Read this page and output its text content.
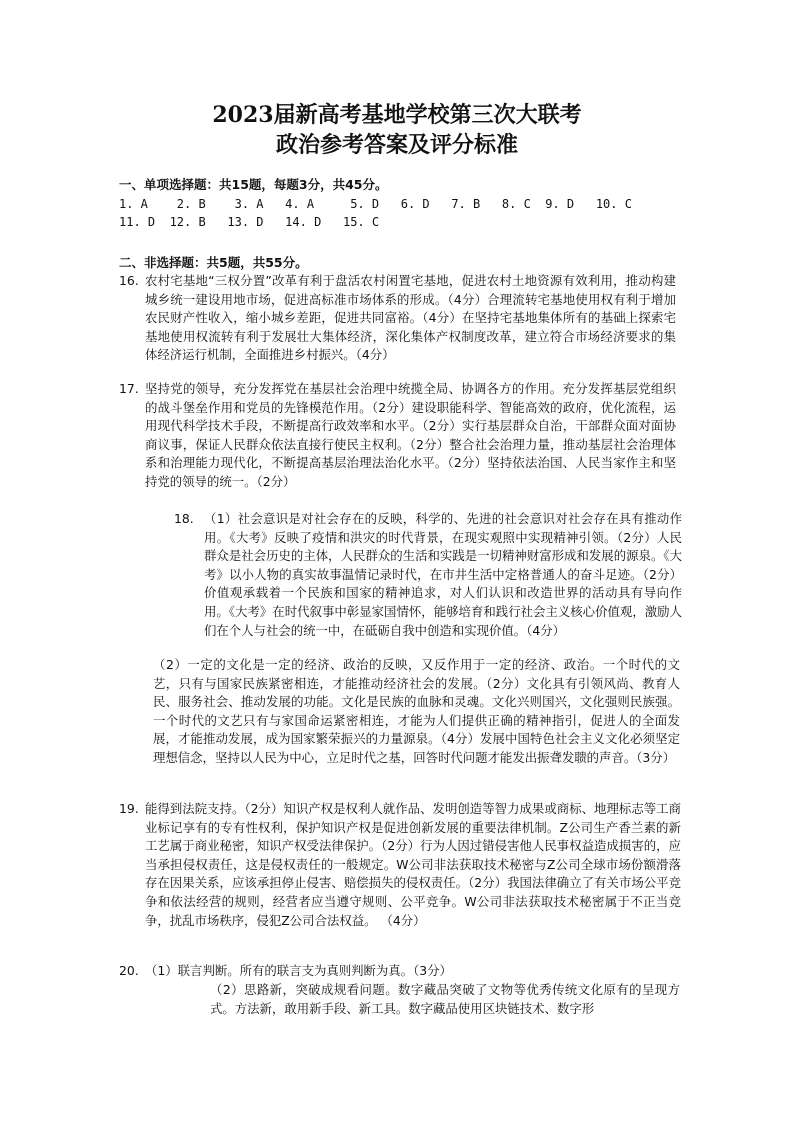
2023届新高考基地学校第三次大联考
政治参考答案及评分标准
一、单项选择题：共15题，每题3分，共45分。
1. A    2. B    3. A   4. A     5. D   6. D   7. B   8. C  9. D   10. C
11. D  12. B   13. D   14. D   15. C
二、非选择题：共5题，共55分。
16. 农村宅基地“三权分置”改革有利于盘活农村闲置宅基地，促进农村土地资源有效利用，推动构建城乡统一建设用地市场，促进高标准市场体系的形成。（4分）合理流转宅基地使用权有利于增加农民财产性收入，缩小城乡差距，促进共同富裕。（4分）在坚持宅基地集体所有的基础上探索宅基地使用权流转有利于发展壮大集体经济，深化集体产权制度改革，建立符合市场经济要求的集体经济运行机制，全面推进乡村振兴。（4分）
17. 坚持党的领导，充分发挥党在基层社会治理中统揽全局、协调各方的作用。充分发挥基层党组织的战斗堡垒作用和党员的先锋模范作用。（2分）建设职能科学、智能高效的政府，优化流程，运用现代科学技术手段，不断提高行政效率和水平。（2分）实行基层群众自治，干部群众面对面协商议事，保证人民群众依法直接行使民主权利。（2分）整合社会治理力量，推动基层社会治理体系和治理能力现代化，不断提高基层治理法治化水平。（2分）坚持依法治国、人民当家作主和坚持党的领导的统一。（2分）
18. （1）社会意识是对社会存在的反映，科学的、先进的社会意识对社会存在具有推动作用。《大考》反映了疫情和洪灾的时代背景，在现实观照中实现精神引领。（2分）人民群众是社会历史的主体，人民群众的生活和实践是一切精神财富形成和发展的源泉。《大考》以小人物的真实故事温情记录时代，在市井生活中定格普通人的奋斗足迹。（2分）价值观承载着一个民族和国家的精神追求，对人们认识和改造世界的活动具有导向作用。《大考》在时代叙事中彰显家国情怀，能够培育和践行社会主义核心价值观，激励人们在个人与社会的统一中，在砥砺自我中创造和实现价值。（4分）
（2）一定的文化是一定的经济、政治的反映，又反作用于一定的经济、政治。一个时代的文艺，只有与国家民族紧密相连，才能推动经济社会的发展。（2分）文化具有引领风尚、教育人民、服务社会、推动发展的功能。文化是民族的血脉和灵魂。文化兴则国兴，文化强则民族强。一个时代的文艺只有与家国命运紧密相连，才能为人们提供正确的精神指引，促进人的全面发展，才能推动发展，成为国家繁荣振兴的力量源泉。（4分）发展中国特色社会主义文化必须坚定理想信念，坚持以人民为中心，立足时代之基，回答时代问题才能发出振聋发聩的声音。（3分）
19. 能得到法院支持。（2分）知识产权是权利人就作品、发明创造等智力成果或商标、地理标志等工商业标记享有的专有性权利，保护知识产权是促进创新发展的重要法律机制。Z公司生产香兰素的新工艺属于商业秘密，知识产权受法律保护。（2分）行为人因过错侵害他人民事权益造成损害的，应当承担侵权责任，这是侵权责任的一般规定。W公司非法获取技术秘密与Z公司全球市场份额滑落存在因果关系，应该承担停止侵害、赔偿损失的侵权责任。（2分）我国法律确立了有关市场公平竞争和依法经营的规则，经营者应当遵守规则、公平竞争。W公司非法获取技术秘密属于不正当竞争，扰乱市场秩序，侵犯Z公司合法权益。 （4分）
20. （1）联言判断。所有的联言支为真则判断为真。（3分）
（2）思路新，突破成规看问题。数字藏品突破了文物等优秀传统文化原有的呈现方式。方法新，敢用新手段、新工具。数字藏品使用区块链技术、数字形
